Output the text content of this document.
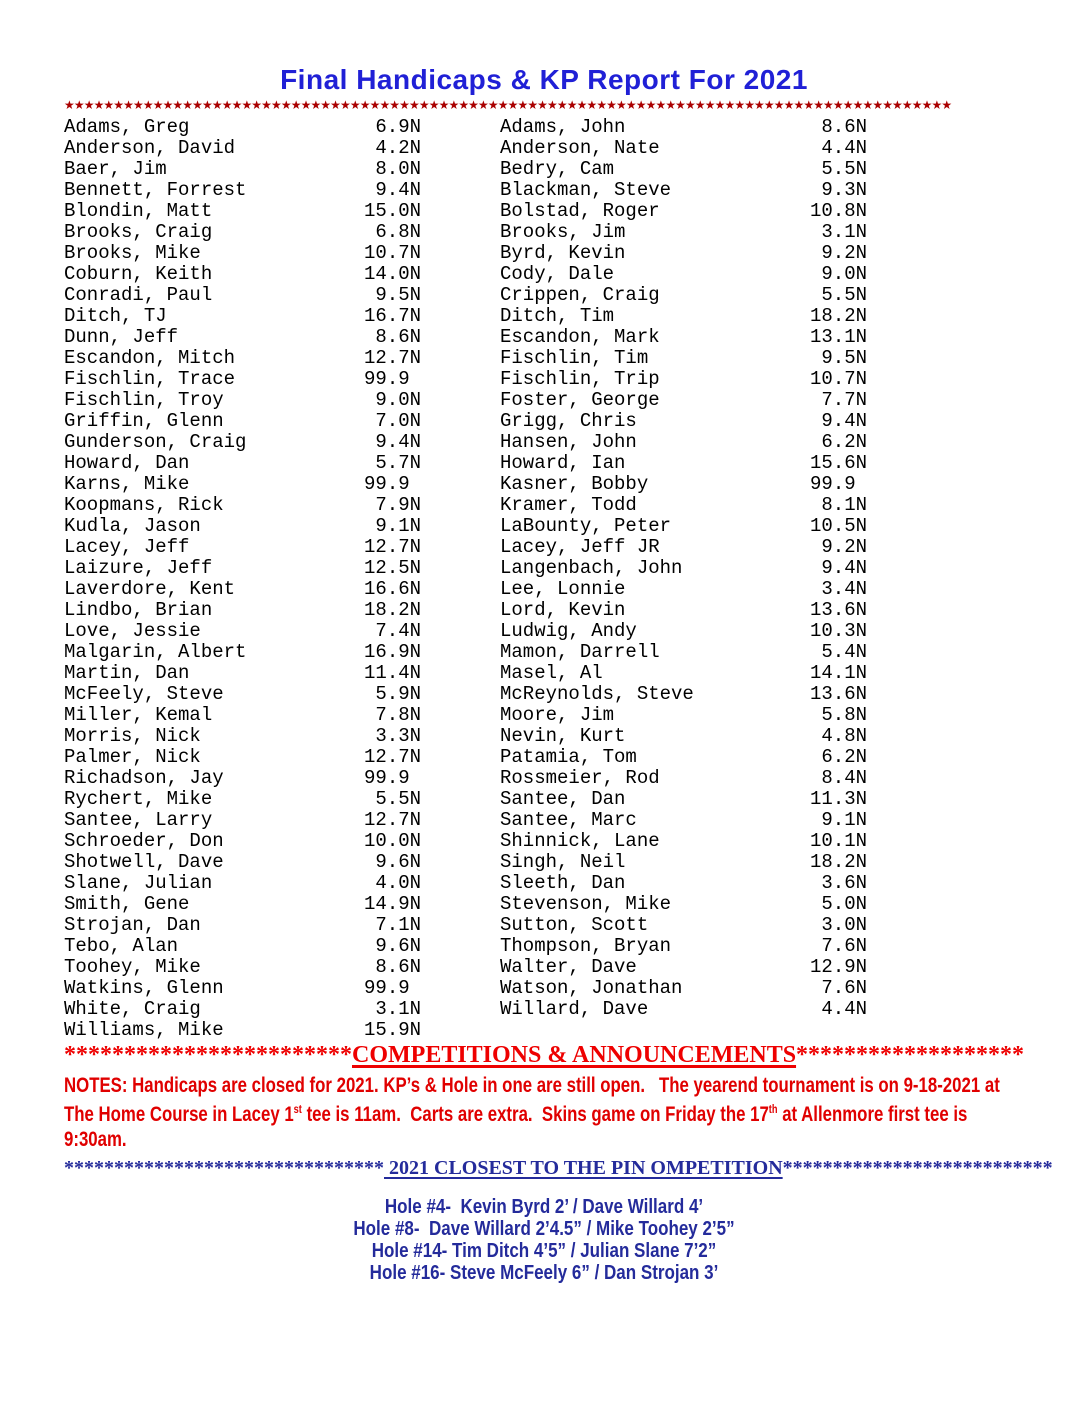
Final Handicaps & KP Report For 2021
★★★★★★★★★★★★★★★★★★★★★★★★★★★★★★★★★★★★★★★★★★★★★★★★★★★★★★★★★★★★★★★★★★★★★★★★★★★★★★★★★★★★★★★★★★
Adams, Greg	6.9 N
Anderson, David	4.2 N
Baer, Jim	8.0 N
Bennett, Forrest	9.4 N
Blondin, Matt	15.0 N
Brooks, Craig	6.8 N
Brooks, Mike	10.7 N
Coburn, Keith	14.0 N
Conradi, Paul	9.5 N
Ditch, TJ	16.7 N
Dunn, Jeff	8.6 N
Escandon, Mitch	12.7 N
Fischlin, Trace	99.9
Fischlin, Troy	9.0 N
Griffin, Glenn	7.0 N
Gunderson, Craig	9.4 N
Howard, Dan	5.7 N
Karns, Mike	99.9
Koopmans, Rick	7.9 N
Kudla, Jason	9.1 N
Lacey, Jeff	12.7 N
Laizure, Jeff	12.5 N
Laverdore, Kent	16.6 N
Lindbo, Brian	18.2 N
Love, Jessie	7.4 N
Malgarin, Albert	16.9 N
Martin, Dan	11.4 N
McFeely, Steve	5.9 N
Miller, Kemal	7.8 N
Morris, Nick	3.3 N
Palmer, Nick	12.7 N
Richadson, Jay	99.9
Rychert, Mike	5.5 N
Santee, Larry	12.7 N
Schroeder, Don	10.0 N
Shotwell, Dave	9.6 N
Slane, Julian	4.0 N
Smith, Gene	14.9 N
Strojan, Dan	7.1 N
Tebo, Alan	9.6 N
Toohey, Mike	8.6 N
Watkins, Glenn	99.9
White, Craig	3.1 N
Williams, Mike	15.9 N
Adams, John	8.6 N
Anderson, Nate	4.4 N
Bedry, Cam	5.5 N
Blackman, Steve	9.3 N
Bolstad, Roger	10.8 N
Brooks, Jim	3.1 N
Byrd, Kevin	9.2 N
Cody, Dale	9.0 N
Crippen, Craig	5.5 N
Ditch, Tim	18.2 N
Escandon, Mark	13.1 N
Fischlin, Tim	9.5 N
Fischlin, Trip	10.7 N
Foster, George	7.7 N
Grigg, Chris	9.4 N
Hansen, John	6.2 N
Howard, Ian	15.6 N
Kasner, Bobby	99.9
Kramer, Todd	8.1 N
LaBounty, Peter	10.5 N
Lacey, Jeff JR	9.2 N
Langenbach, John	9.4 N
Lee, Lonnie	3.4 N
Lord, Kevin	13.6 N
Ludwig, Andy	10.3 N
Mamon, Darrell	5.4 N
Masel, Al	14.1 N
McReynolds, Steve	13.6 N
Moore, Jim	5.8 N
Nevin, Kurt	4.8 N
Patamia, Tom	6.2 N
Rossmeier, Rod	8.4 N
Santee, Dan	11.3 N
Santee, Marc	9.1 N
Shinnick, Lane	10.1 N
Singh, Neil	18.2 N
Sleeth, Dan	3.6 N
Stevenson, Mike	5.0 N
Sutton, Scott	3.0 N
Thompson, Bryan	7.6 N
Walter, Dave	12.9 N
Watson, Jonathan	7.6 N
Willard, Dave	4.4 N
************************COMPETITIONS & ANNOUNCEMENTS*******************
NOTES: Handicaps are closed for 2021. KP’s & Hole in one are still open.   The yearend tournament is on 9-18-2021 at
The Home Course in Lacey 1st tee is 11am.  Carts are extra.  Skins game on Friday the 17th at Allenmore first tee is
9:30am.
******************************** 2021 CLOSEST TO THE PIN OMPETITION***************************
Hole #4-  Kevin Byrd 2’ / Dave Willard 4’
Hole #8-  Dave Willard 2’4.5” / Mike Toohey 2’5”
Hole #14- Tim Ditch 4’5” / Julian Slane 7’2”
Hole #16- Steve McFeely 6” / Dan Strojan 3’
